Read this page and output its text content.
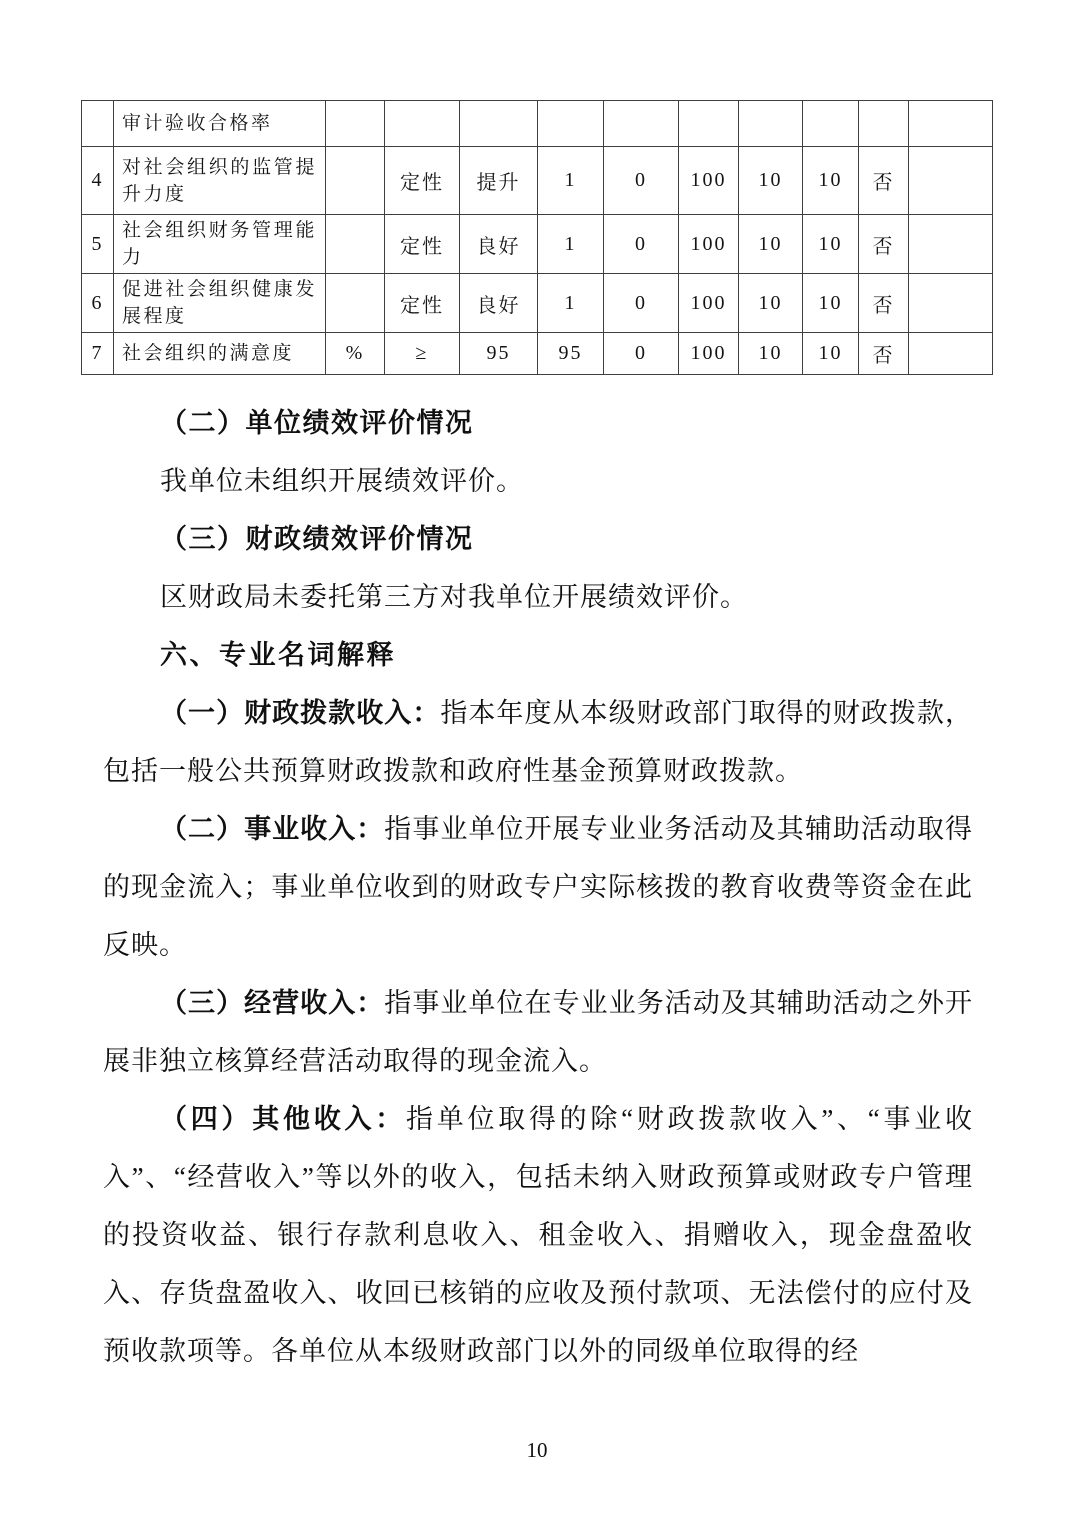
	审计验收合格率										
4	对社会组织的监管提升力度		定性	提升	1	0	100	10	10	否	
5	社会组织财务管理能力		定性	良好	1	0	100	10	10	否	
6	促进社会组织健康发展程度		定性	良好	1	0	100	10	10	否	
7	社会组织的满意度	%	≥	95	95	0	100	10	10	否	

（二）单位绩效评价情况

我单位未组织开展绩效评价。

（三）财政绩效评价情况

区财政局未委托第三方对我单位开展绩效评价。

六、专业名词解释

（一）财政拨款收入：指本年度从本级财政部门取得的财政拨款，包括一般公共预算财政拨款和政府性基金预算财政拨款。

（二）事业收入：指事业单位开展专业业务活动及其辅助活动取得的现金流入；事业单位收到的财政专户实际核拨的教育收费等资金在此反映。

（三）经营收入：指事业单位在专业业务活动及其辅助活动之外开展非独立核算经营活动取得的现金流入。

（四）其他收入：指单位取得的除“财政拨款收入”、“事业收入”、“经营收入”等以外的收入，包括未纳入财政预算或财政专户管理的投资收益、银行存款利息收入、租金收入、捐赠收入，现金盘盈收入、存货盘盈收入、收回已核销的应收及预付款项、无法偿付的应付及预收款项等。各单位从本级财政部门以外的同级单位取得的经

10
